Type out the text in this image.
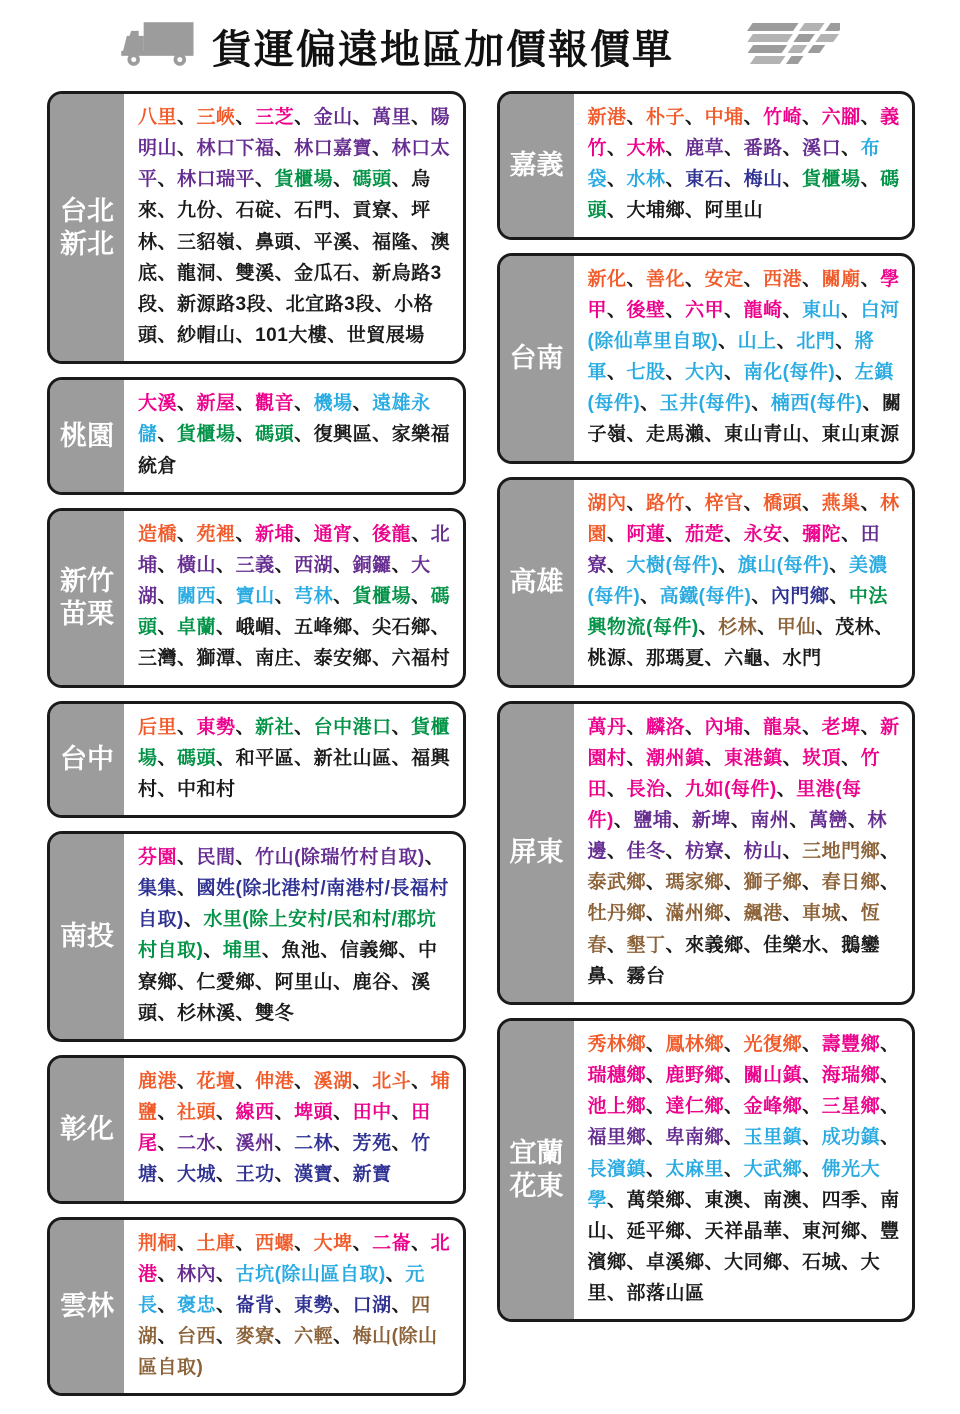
貨運偏遠地區加價報價單
台北新北
八里、三峽、三芝、金山、萬里、陽明山、林口下福、林口嘉寶、林口太平、林口瑞平、貨櫃場、碼頭、烏來、九份、石碇、石門、貢寮、坪林、三貂嶺、鼻頭、平溪、福隆、澳底、龍洞、雙溪、金瓜石、新烏路3段、新源路3段、北宜路3段、小格頭、紗帽山、101大樓、世貿展場
桃園
大溪、新屋、觀音、機場、遠雄永儲、貨櫃場、碼頭、復興區、家樂福統倉
新竹苗栗
造橋、苑裡、新埔、通宵、後龍、北埔、橫山、三義、西湖、銅鑼、大湖、關西、寶山、芎林、貨櫃場、碼頭、卓蘭、峨嵋、五峰鄉、尖石鄉、三灣、獅潭、南庄、泰安鄉、六福村
台中
后里、東勢、新社、台中港口、貨櫃場、碼頭、和平區、新社山區、福興村、中和村
南投
芬園、民間、竹山(除瑞竹村自取)、集集、國姓(除北港村/南港村/長福村自取)、水里(除上安村/民和村/郡坑村自取)、埔里、魚池、信義鄉、中寮鄉、仁愛鄉、阿里山、鹿谷、溪頭、杉林溪、雙冬
彰化
鹿港、花壇、伸港、溪湖、北斗、埔鹽、社頭、線西、埤頭、田中、田尾、二水、溪州、二林、芳苑、竹塘、大城、王功、漢寶、新寶
雲林
荆桐、土庫、西螺、大埤、二崙、北港、林內、古坑(除山區自取)、元長、褒忠、崙背、東勢、口湖、四湖、台西、麥寮、六輕、梅山(除山區自取)
嘉義
新港、朴子、中埔、竹崎、六腳、義竹、大林、鹿草、番路、溪口、布袋、水林、東石、梅山、貨櫃場、碼頭、大埔鄉、阿里山
台南
新化、善化、安定、西港、關廟、學甲、後壁、六甲、龍崎、東山、白河(除仙草里自取)、山上、北門、將軍、七股、大內、南化(每件)、左鎮(每件)、玉井(每件)、楠西(每件)、關子嶺、走馬瀨、東山青山、東山東源
高雄
湖內、路竹、梓官、橋頭、燕巢、林園、阿蓮、茄萣、永安、彌陀、田寮、大樹(每件)、旗山(每件)、美濃(每件)、高鐵(每件)、內門鄉、中法興物流(每件)、杉林、甲仙、茂林、桃源、那瑪夏、六龜、水門
屏東
萬丹、麟洛、內埔、龍泉、老埤、新園村、潮州鎮、東港鎮、崁頂、竹田、長治、九如(每件)、里港(每件)、鹽埔、新埤、南州、萬巒、林邊、佳冬、枋寮、枋山、三地門鄉、泰武鄉、瑪家鄉、獅子鄉、春日鄉、牡丹鄉、滿州鄉、飆港、車城、恆春、墾丁、來義鄉、佳樂水、鵝鑾鼻、霧台
宜蘭花東
秀林鄉、鳳林鄉、光復鄉、壽豐鄉、瑞穗鄉、鹿野鄉、關山鎮、海瑞鄉、池上鄉、達仁鄉、金峰鄉、三星鄉、福里鄉、卑南鄉、玉里鎮、成功鎮、長濱鎮、太麻里、大武鄉、佛光大學、萬榮鄉、東澳、南澳、四季、南山、延平鄉、天祥晶華、東河鄉、豐濱鄉、卓溪鄉、大同鄉、石城、大里、部落山區
